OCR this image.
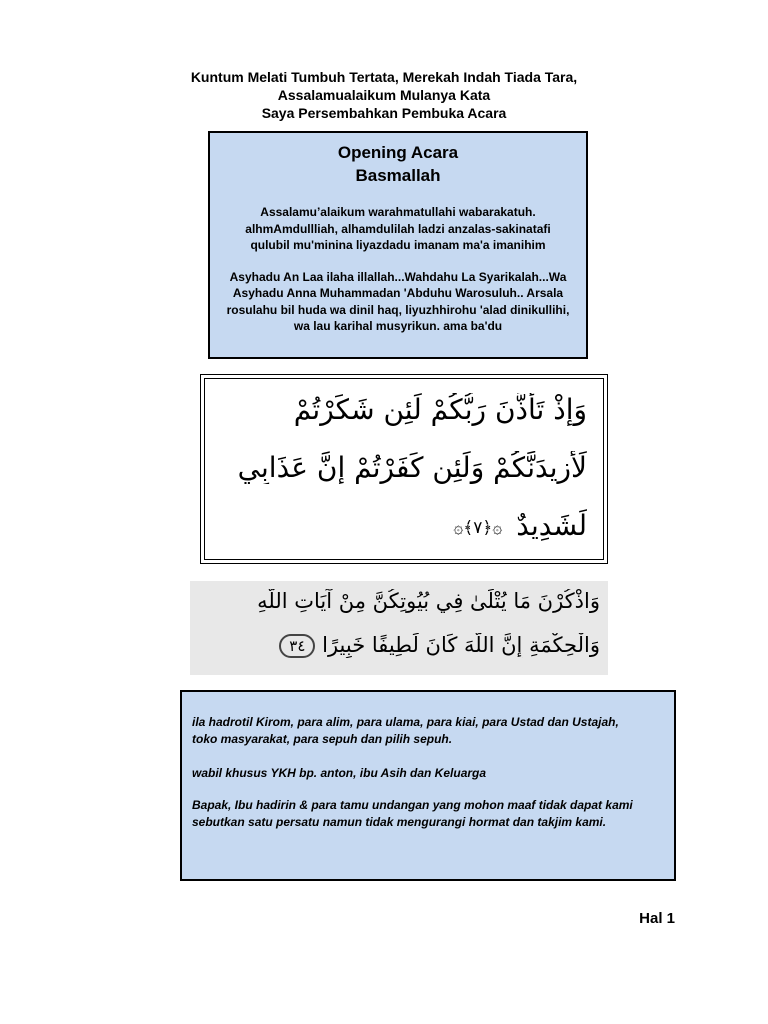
Kuntum Melati Tumbuh Tertata, Merekah Indah Tiada Tara,
Assalamualaikum Mulanya Kata
Saya Persembahkan Pembuka Acara
Opening Acara
Basmallah
Assalamu’alaikum warahmatullahi wabarakatuh.
alhmAmdullliah, alhamdulilah ladzi anzalas-sakinatafi
qulubil mu'minina liyazdadu imanam ma'a imanihim
Asyhadu An Laa ilaha illallah...Wahdahu La Syarikalah...Wa
Asyhadu Anna Muhammadan 'Abduhu Warosuluh.. Arsala
rosulahu bil huda wa dinil haq, liyuzhhirohu 'alad dinikullihi,
wa lau karihal musyrikun. ama ba'du
وَإِذْ تَأَذَّنَ رَبُّكُمْ لَئِن شَكَرْتُمْ
لَأَزِيدَنَّكُمْ وَلَئِن كَفَرْتُمْ إِنَّ عَذَابِي
لَشَدِيدٌ۞﴿٧﴾۞
وَاذْكُرْنَ مَا يُتْلَىٰ فِي بُيُوتِكُنَّ مِنْ آيَاتِ اللَّهِ
وَالْحِكْمَةِ إِنَّ اللَّهَ كَانَ لَطِيفًا خَبِيرًا ٣٤
ila hadrotil Kirom, para alim, para ulama, para kiai, para Ustad dan Ustajah,
toko masyarakat, para sepuh dan pilih sepuh.
wabil khusus YKH bp. anton, ibu Asih dan Keluarga
Bapak, Ibu hadirin & para tamu undangan yang mohon maaf tidak dapat kami
sebutkan satu persatu namun tidak mengurangi hormat dan takjim kami.
Hal 1
